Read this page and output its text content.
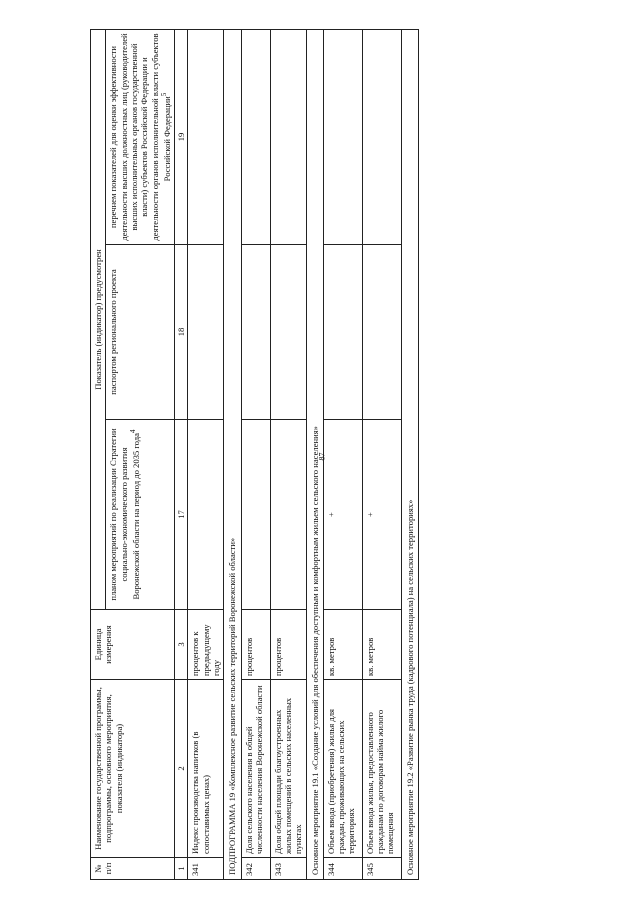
87
№ п/п	Наименование государственной программы, подпрограммы, основного мероприятия, показателя (индикатора)	Единица измерения	Показатель (индикатор) предусмотрен		
			планом мероприятий по реализации Стратегии социально-экономического развития Воронежской области на период до 2035 года$^4$	паспортом регионального проекта	перечнем показателей для оценки эффективности деятельности высших должностных лиц (руководителей высших исполнительных органов государственной власти) субъектов Российской Федерации и деятельности органов исполнительной власти субъектов Российской Федерации$^5$
1	2	3	17	18	19
341	Индекс производства напитков (в сопоставимых ценах)	процентов к предыдущему году			
ПОДПРОГРАММА 19 «Комплексное развитие сельских территорий Воронежской области»					
342	Доля сельского населения в общей численности населения Воронежской области	процентов			
343	Доля общей площади благоустроенных жилых помещений в сельских населенных пунктах	процентов			
Основное мероприятие 19.1 «Создание условий для обеспечения доступным и комфортным жильем сельского населения»					
344	Объем ввода (приобретения) жилья для граждан, проживающих на сельских территориях	кв. метров	+		
345	Объем ввода жилья, предоставленного гражданам по договорам найма жилого помещения	кв. метров	+		
Основное мероприятие 19.2 «Развитие рынка труда (кадрового потенциала) на сельских территориях»					
